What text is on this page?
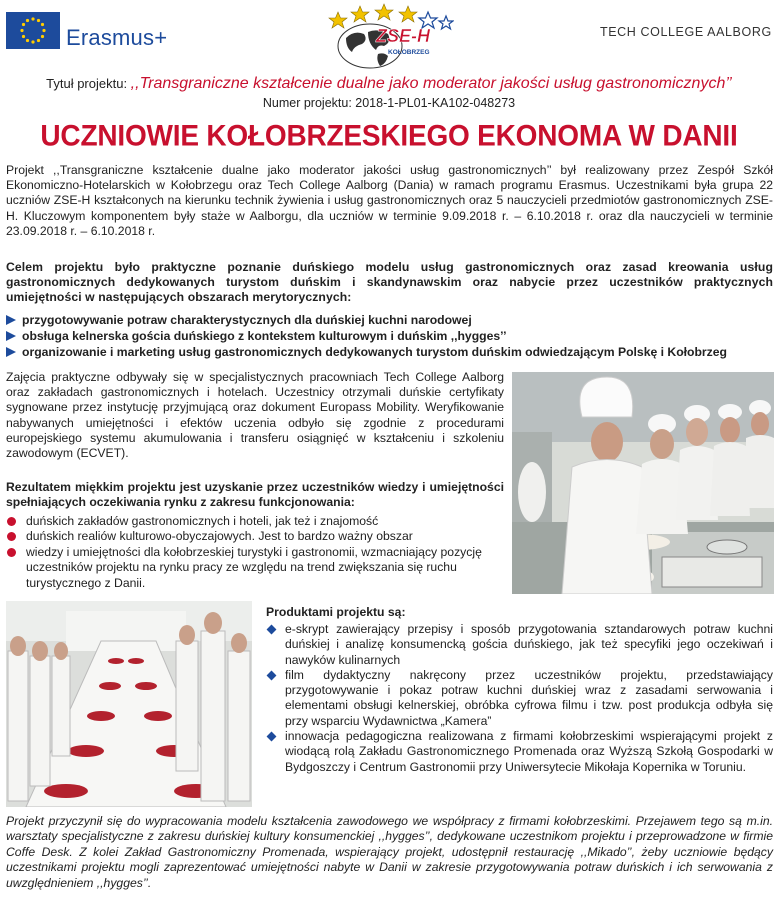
Erasmus+	ZSE-H
KOŁOBRZEG
TECH COLLEGE AALBORG
Tytuł projektu: ,,Transgraniczne kształcenie dualne jako moderator jakości usług gastronomicznych’’
Numer projektu: 2018-1-PL01-KA102-048273
UCZNIOWIE KOŁOBRZESKIEGO EKONOMA W DANII

Projekt ,,Transgraniczne kształcenie dualne jako moderator jakości usług gastronomicznych’’ był realizowany przez Zespół Szkół Ekonomiczno-Hotelarskich w Kołobrzegu oraz Tech College Aalborg (Dania) w ramach programu Erasmus. Uczestnikami była grupa 22 uczniów ZSE-H kształconych na kierunku technik żywienia i usług gastronomicznych oraz 5 nauczycieli przedmiotów gastronomicznych ZSE-H. Kluczowym komponentem były staże w Aalborgu, dla uczniów w terminie 9.09.2018 r. – 6.10.2018 r. oraz dla nauczycieli w terminie 23.09.2018 r. – 6.10.2018 r.

Celem projektu było praktyczne poznanie duńskiego modelu usług gastronomicznych oraz zasad kreowania usług gastronomicznych dedykowanych turystom duńskim i skandynawskim oraz nabycie przez uczestników praktycznych umiejętności w następujących obszarach merytorycznych:

przygotowywanie potraw charakterystycznych dla duńskiej kuchni narodowej
obsługa kelnerska gościa duńskiego z kontekstem kulturowym i duńskim ,,hygges’’
organizowanie i marketing usług gastronomicznych dedykowanych turystom duńskim odwiedzającym Polskę i Kołobrzeg

Zajęcia praktyczne odbywały się w specjalistycznych pracowniach Tech College Aalborg oraz zakładach gastronomicznych i hotelach. Uczestnicy otrzymali duńskie certyfikaty sygnowane przez instytucję przyjmującą oraz dokument Europass Mobility. Weryfikowanie nabywanych umiejętności i efektów uczenia odbyło się zgodnie z procedurami europejskiego systemu akumulowania i transferu osiągnięć w kształceniu i szkoleniu zawodowym (ECVET).

Rezultatem miękkim projektu jest uzyskanie przez uczestników wiedzy i umiejętności spełniających oczekiwania rynku z zakresu funkcjonowania:

duńskich zakładów gastronomicznych i hoteli, jak też i znajomość
duńskich realiów kulturowo-obyczajowych. Jest to bardzo ważny obszar
wiedzy i umiejętności dla kołobrzeskiej turystyki i gastronomii, wzmacniający pozycję uczestników projektu na rynku pracy ze względu na trend zwiększania się ruchu turystycznego z Danii.
Produktami projektu są:
e-skrypt zawierający przepisy i sposób przygotowania sztandarowych potraw kuchni duńskiej i analizę konsumencką gościa duńskiego, jak też specyfiki jego oczekiwań i nawyków kulinarnych
film dydaktyczny nakręcony przez uczestników projektu, przedstawiający przygotowywanie i pokaz potraw kuchni duńskiej wraz z zasadami serwowania i elementami obsługi kelnerskiej, obróbka cyfrowa filmu i tzw. post produkcja odbyła się przy wsparciu Wydawnictwa „Kamera”
innowacja pedagogiczna realizowana z firmami kołobrzeskimi wspierającymi projekt z wiodącą rolą Zakładu Gastronomicznego Promenada oraz Wyższą Szkołą Gospodarki w Bydgoszczy i Centrum Gastronomii przy Uniwersytecie Mikołaja Kopernika w Toruniu.

Projekt przyczynił się do wypracowania modelu kształcenia zawodowego we współpracy z firmami kołobrzeskimi. Przejawem tego są m.in. warsztaty specjalistyczne z zakresu duńskiej kultury konsumenckiej ,,hygges’’, dedykowane uczestnikom projektu i przeprowadzone w firmie Coffe Desk. Z kolei Zakład Gastronomiczny Promenada, wspierający projekt, udostępnił restaurację ,,Mikado’’, żeby uczniowie będący uczestnikami projektu mogli zaprezentować umiejętności nabyte w Danii w zakresie przygotowywania potraw duńskich i ich serwowania z uwzględnieniem ,,hygges’’.
